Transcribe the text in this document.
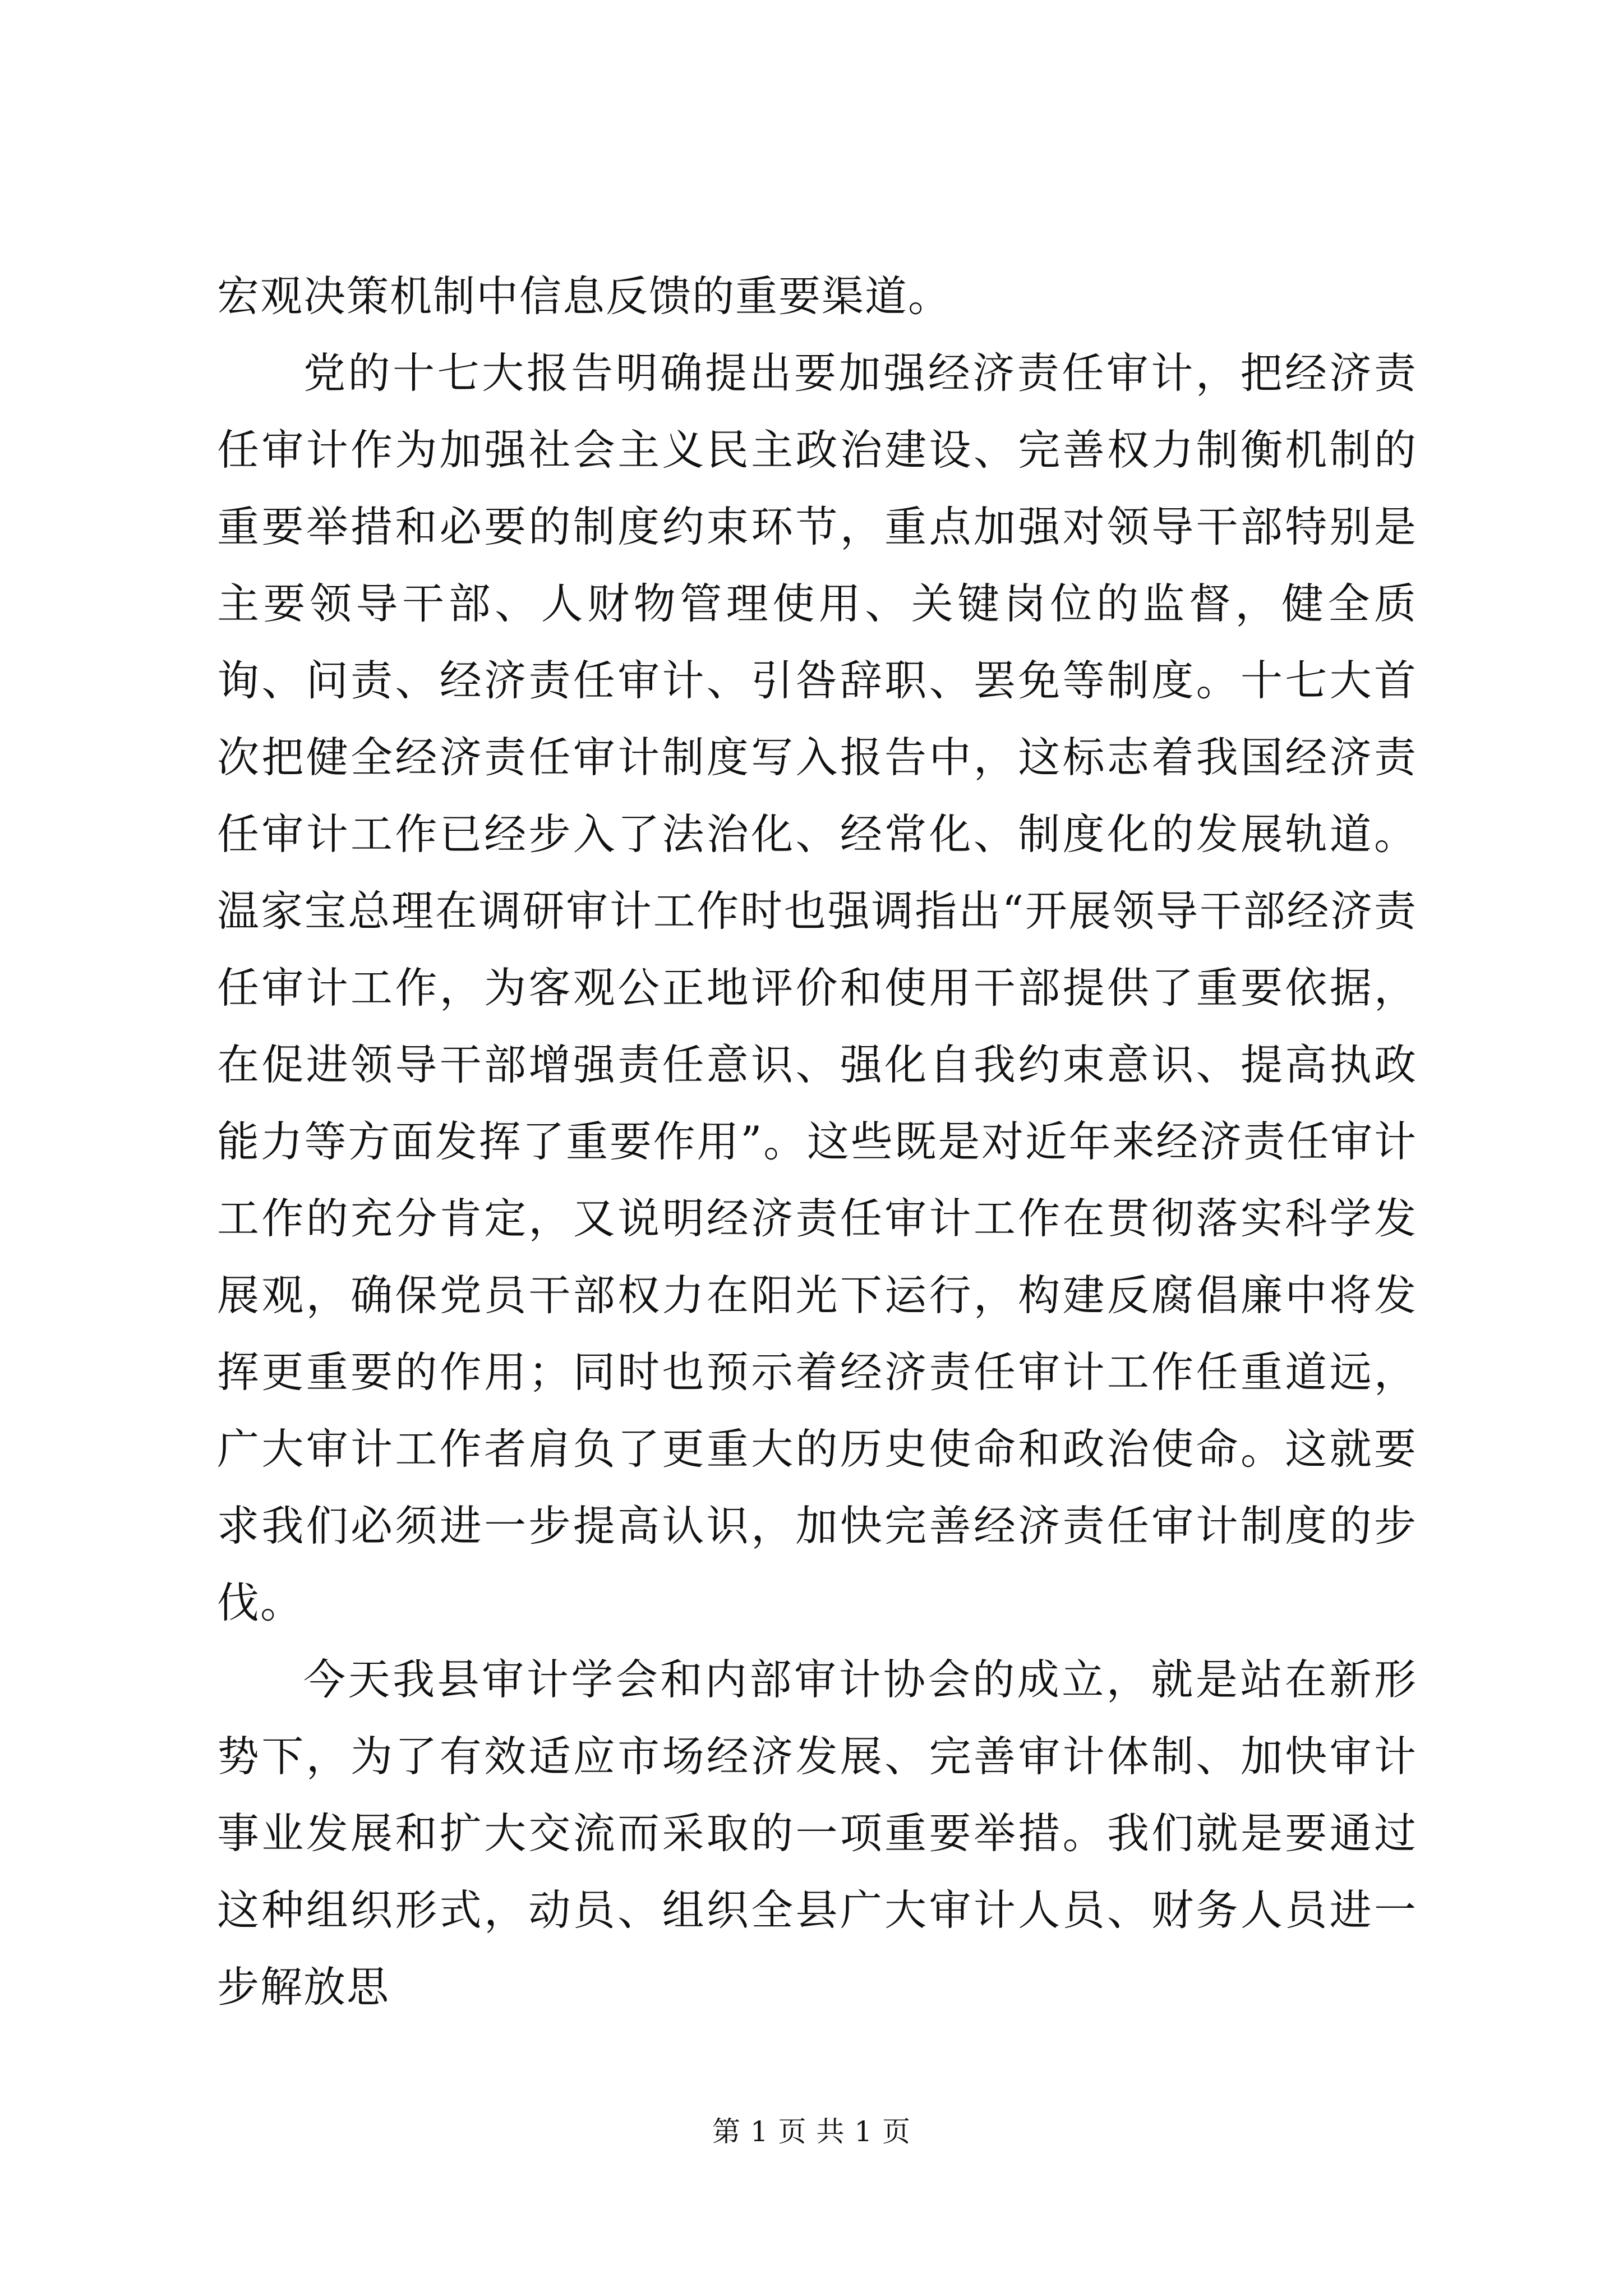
宏观决策机制中信息反馈的重要渠道。

党的十七大报告明确提出要加强经济责任审计，把经济责任审计作为加强社会主义民主政治建设、完善权力制衡机制的重要举措和必要的制度约束环节，重点加强对领导干部特别是主要领导干部、人财物管理使用、关键岗位的监督，健全质询、问责、经济责任审计、引咎辞职、罢免等制度。十七大首次把健全经济责任审计制度写入报告中，这标志着我国经济责任审计工作已经步入了法治化、经常化、制度化的发展轨道。温家宝总理在调研审计工作时也强调指出“开展领导干部经济责任审计工作，为客观公正地评价和使用干部提供了重要依据，在促进领导干部增强责任意识、强化自我约束意识、提高执政能力等方面发挥了重要作用”。这些既是对近年来经济责任审计工作的充分肯定，又说明经济责任审计工作在贯彻落实科学发展观，确保党员干部权力在阳光下运行，构建反腐倡廉中将发挥更重要的作用；同时也预示着经济责任审计工作任重道远，广大审计工作者肩负了更重大的历史使命和政治使命。这就要求我们必须进一步提高认识，加快完善经济责任审计制度的步伐。

今天我县审计学会和内部审计协会的成立，就是站在新形势下，为了有效适应市场经济发展、完善审计体制、加快审计事业发展和扩大交流而采取的一项重要举措。我们就是要通过这种组织形式，动员、组织全县广大审计人员、财务人员进一步解放思

第 1 页 共 1 页
